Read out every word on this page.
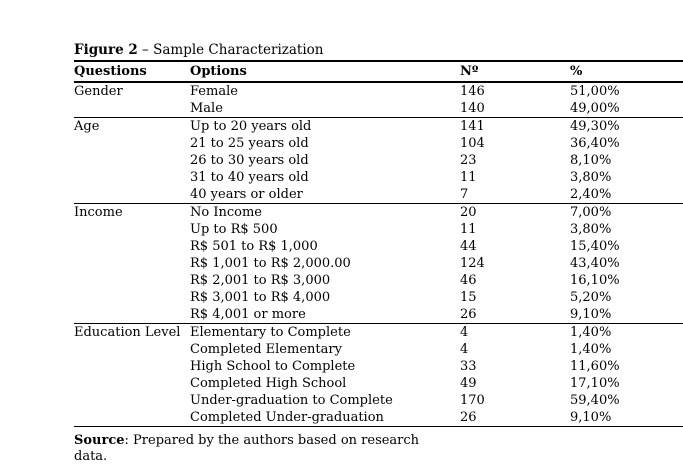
Figure 2 – Sample Characterization
Questions	Options	Nº	%
Gender	Female	146	51,00%
	Male	140	49,00%
Age	Up to 20 years old	141	49,30%
	21 to 25 years old	104	36,40%
	26 to 30 years old	23	8,10%
	31 to 40 years old	11	3,80%
	40 years or older	7	2,40%
Income	No Income	20	7,00%
	Up to R$ 500	11	3,80%
	R$ 501 to R$ 1,000	44	15,40%
	R$ 1,001 to R$ 2,000.00	124	43,40%
	R$ 2,001 to R$ 3,000	46	16,10%
	R$ 3,001 to R$ 4,000	15	5,20%
	R$ 4,001 or more	26	9,10%
Education Level	Elementary to Complete	4	1,40%
	Completed Elementary	4	1,40%
	High School to Complete	33	11,60%
	Completed High School	49	17,10%
	Under-graduation to Complete	170	59,40%
	Completed Under-graduation	26	9,10%
Source: Prepared by the authors based on research data.
